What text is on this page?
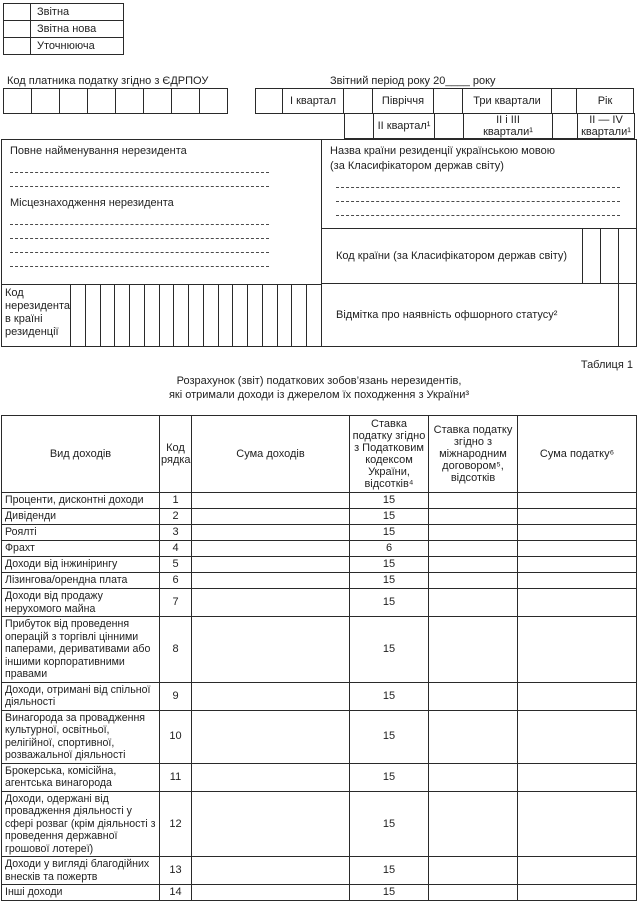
Звітна
Звітна нова
Уточнююча
Код платника податку згідно з ЄДРПОУ	Звітний період року 20____ року
І квартал	Півріччя	Три квартали	Рік
ІІ квартал¹	ІІ і ІІІ квартали¹
ІІ — ІV квартали¹
Повне найменування нерезидента
Місцезнаходження нерезидента
Код нерезидента в країні резиденції
Назва країни резиденції українською мовою
(за Класифікатором держав світу)
Код країни (за Класифікатором держав світу)
Відмітка про наявність офшорного статусу²
Таблиця 1
Розрахунок (звіт) податкових зобов’язань нерезидентів,
які отримали доходи із джерелом їх походження з України³
Вид доходів	Код рядка	Сума доходів	Ставка податку згідно з Податковим кодексом України, відсотків⁴	Ставка податку згідно з міжнародним договором⁵, відсотків	Сума податку⁶
Проценти, дисконтні доходи	1		15		
Дивіденди	2		15		
Роялті	3		15		
Фрахт	4		6		
Доходи від інжинірингу	5		15		
Лізингова/орендна плата	6		15		
Доходи від продажу нерухомого майна	7		15		
Прибуток від проведення операцій з торгівлі цінними паперами, деривативами або іншими корпоративними правами	8		15		
Доходи, отримані від спільної діяльності	9		15		
Винагорода за провадження культурної, освітньої, релігійної, спортивної, розважальної діяльності	10		15		
Брокерська, комісійна, агентська винагорода	11		15		
Доходи, одержані від провадження діяльності у сфері розваг (крім діяльності з проведення державної грошової лотереї)	12		15		
Доходи у вигляді благодійних внесків та пожертв	13		15		
Інші доходи	14		15		
